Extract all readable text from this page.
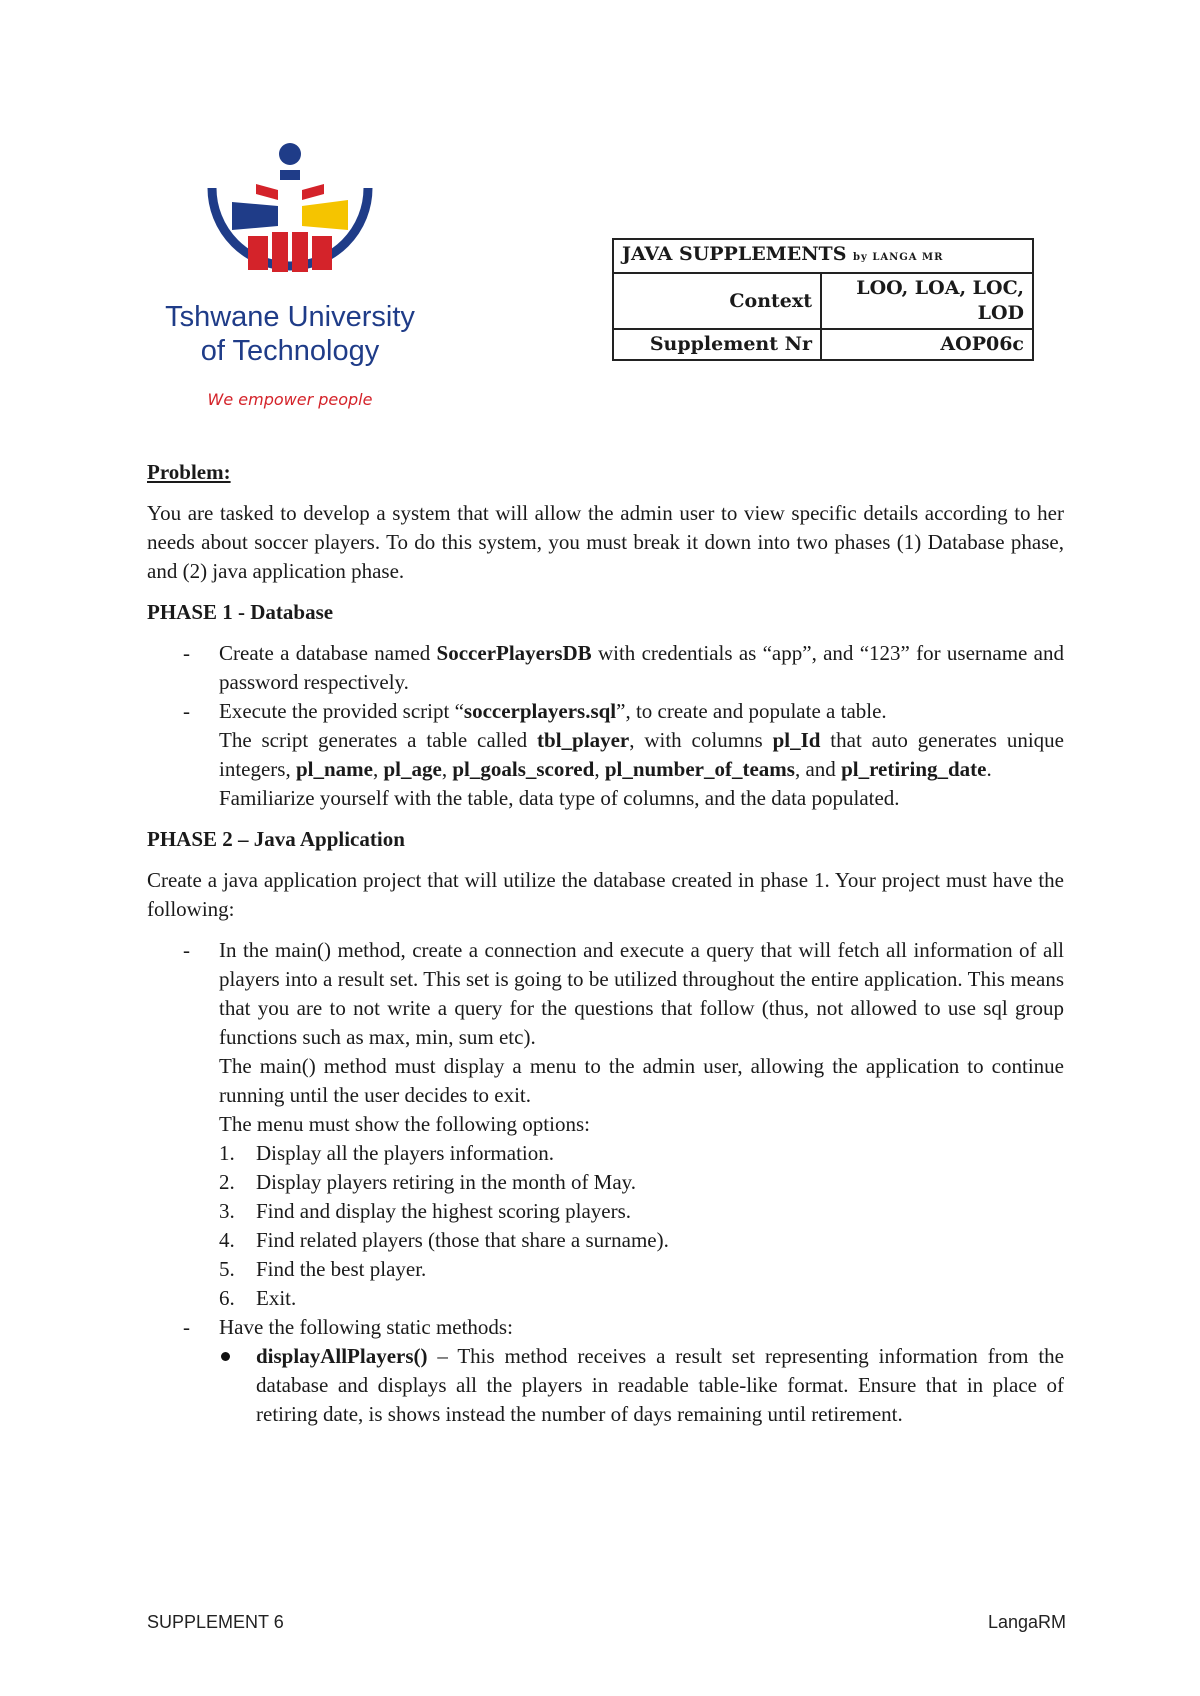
Tshwane University
of Technology
We empower people
JAVA SUPPLEMENTS by LANGA MR	
Context	LOO, LOA, LOC,
LOD

Supplement Nr	AOP06c

Problem:

You are tasked to develop a system that will allow the admin user to view specific details according to her needs about soccer players. To do this system, you must break it down into two phases (1) Database phase, and (2) java application phase.

PHASE 1 - Database

- Create a database named SoccerPlayersDB with credentials as “app”, and “123” for username and password respectively.

- Execute the provided script “soccerplayers.sql”, to create and populate a table.

The script generates a table called tbl_player, with columns pl_Id that auto generates unique integers, pl_name, pl_age, pl_goals_scored, pl_number_of_teams, and pl_retiring_date.

Familiarize yourself with the table, data type of columns, and the data populated.

PHASE 2 – Java Application

Create a java application project that will utilize the database created in phase 1. Your project must have the following:

- In the main() method, create a connection and execute a query that will fetch all information of all players into a result set. This set is going to be utilized throughout the entire application. This means that you are to not write a query for the questions that follow (thus, not allowed to use sql group functions such as max, min, sum etc).

The main() method must display a menu to the admin user, allowing the application to continue running until the user decides to exit.

The menu must show the following options:

1. Display all the players information.
2. Display players retiring in the month of May.
3. Find and display the highest scoring players.
4. Find related players (those that share a surname).
5. Find the best player.
6. Exit.
- Have the following static methods:

displayAllPlayers() – This method receives a result set representing information from the database and displays all the players in readable table-like format. Ensure that in place of retiring date, is shows instead the number of days remaining until retirement.
SUPPLEMENT 6	LangaRM
